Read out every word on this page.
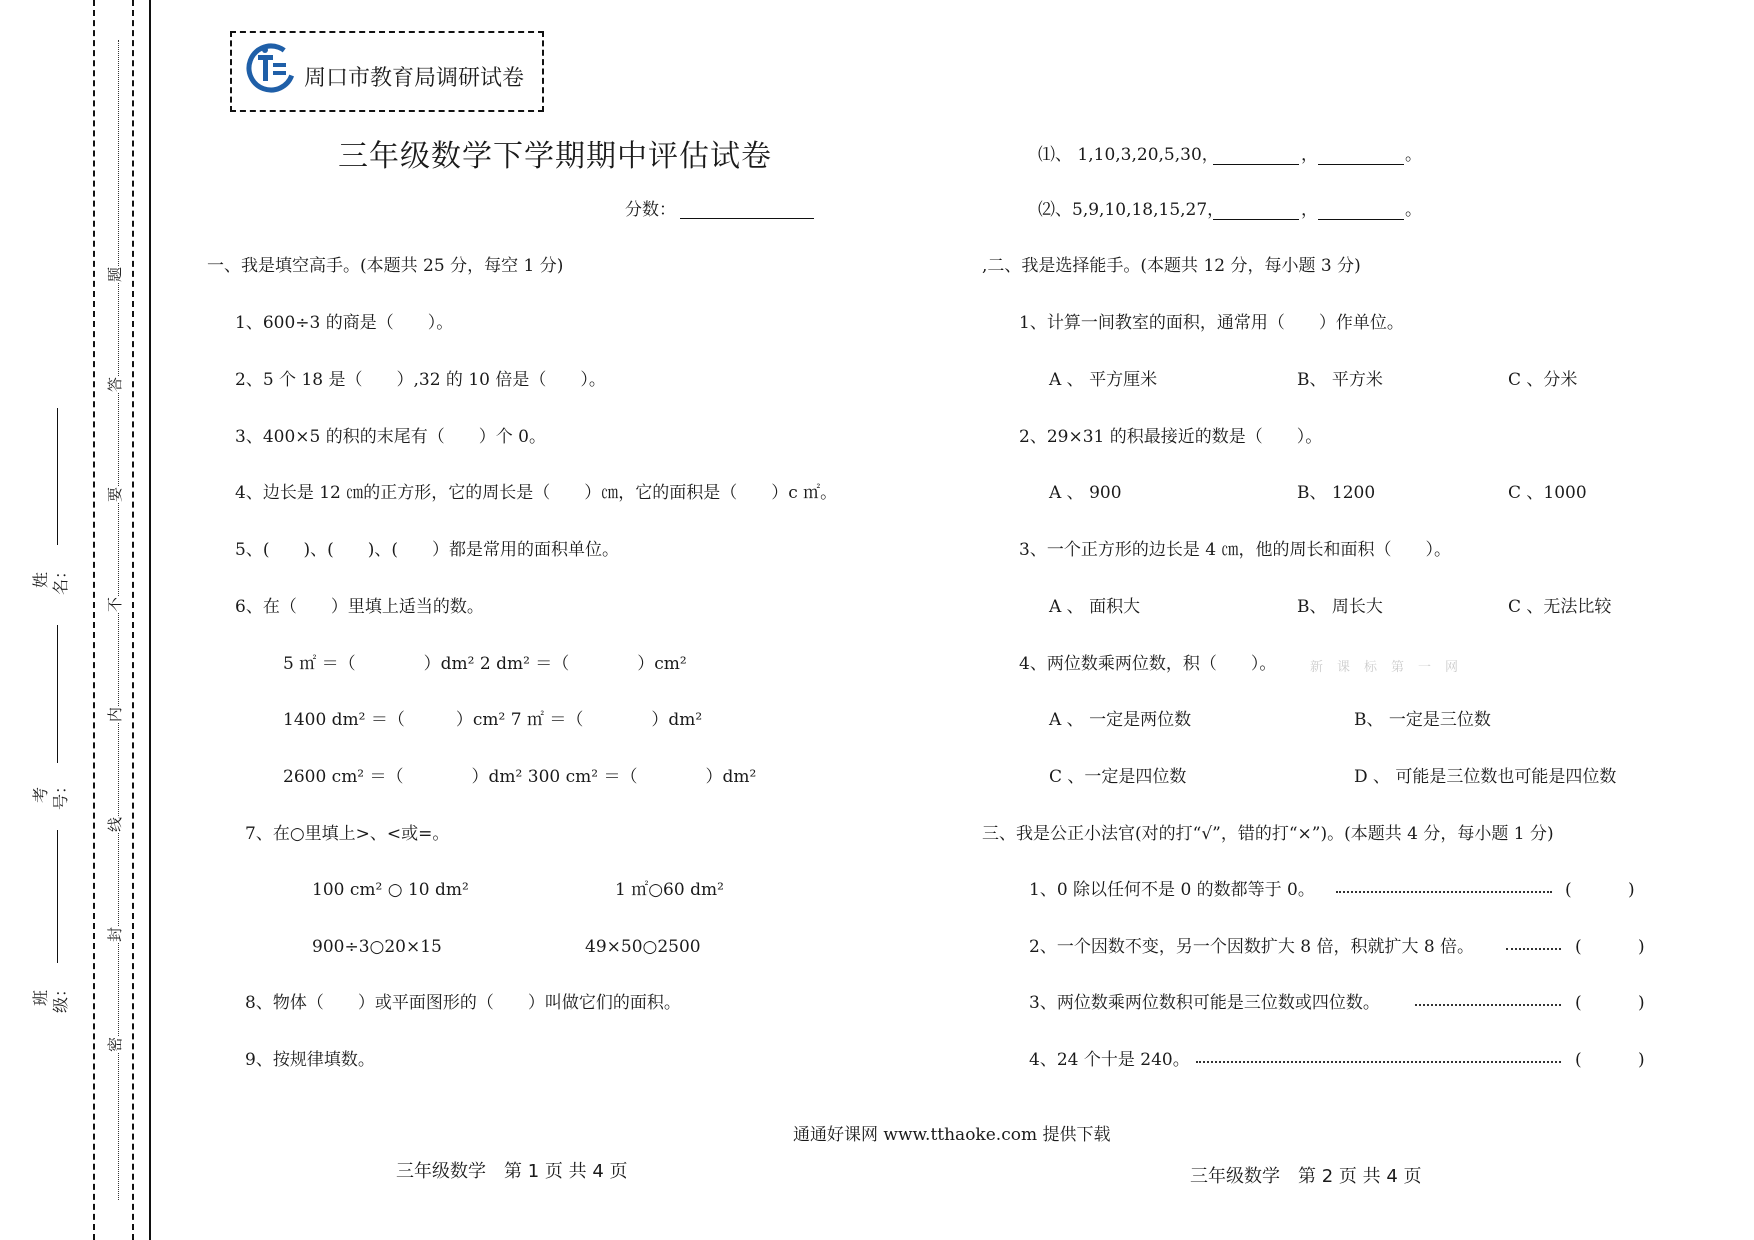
姓名：
考号：
班级：
题
答
要
不
内
线
封
密
周口市教育局调研试卷
三年级数学下学期期中评估试卷
分数：
一、我是填空高手。(本题共 25 分，每空 1 分)
1、600÷3 的商是（　　）。
2、5 个 18 是（　　）,32 的 10 倍是（　　）。
3、400×5 的积的末尾有（　　）个 0。
4、边长是 12 ㎝的正方形，它的周长是（　　）㎝，它的面积是（　　）c ㎡。
5、(　　)、(　　)、(　　）都是常用的面积单位。
6、在（　　）里填上适当的数。
5 ㎡ ＝（　　　　）dm² 2 dm² ＝（　　　　）cm²
1400 dm² ＝（　　　）cm² 7 ㎡ ＝（　　　　）dm²
2600 cm² ＝（　　　　）dm² 300 cm² ＝（　　　　）dm²
7、在○里填上>、<或=。
100 cm² ○ 10 dm²	1 ㎡○60 dm²
900÷3○20×15	49×50○2500
8、物体（　　）或平面图形的（　　）叫做它们的面积。
9、按规律填数。
⑴、 1,10,3,20,5,30，	，	。
⑵、5,9,10,18,15,27，	，	。
,二、我是选择能手。(本题共 12 分，每小题 3 分)
1、计算一间教室的面积，通常用（　　）作单位。
A 、 平方厘米	B、 平方米	C 、分米
2、29×31 的积最接近的数是（　　）。
A 、 900	B、 1200	C 、1000
3、一个正方形的边长是 4 ㎝，他的周长和面积（　　）。
A 、 面积大	B、 周长大	C 、无法比较
4、两位数乘两位数，积（　　）。	新课标第一网
A 、 一定是两位数	B、 一定是三位数
C 、一定是四位数	D 、 可能是三位数也可能是四位数
三、我是公正小法官(对的打“√”，错的打“×”)。(本题共 4 分，每小题 1 分)
1、0 除以任何不是 0 的数都等于 0。	(	)
2、一个因数不变，另一个因数扩大 8 倍，积就扩大 8 倍。	(	)
3、两位数乘两位数积可能是三位数或四位数。	(	)
4、24 个十是 240。	(	)
通通好课网 www.tthaoke.com 提供下载
三年级数学　第 1 页 共 4 页	三年级数学　第 2 页 共 4 页
